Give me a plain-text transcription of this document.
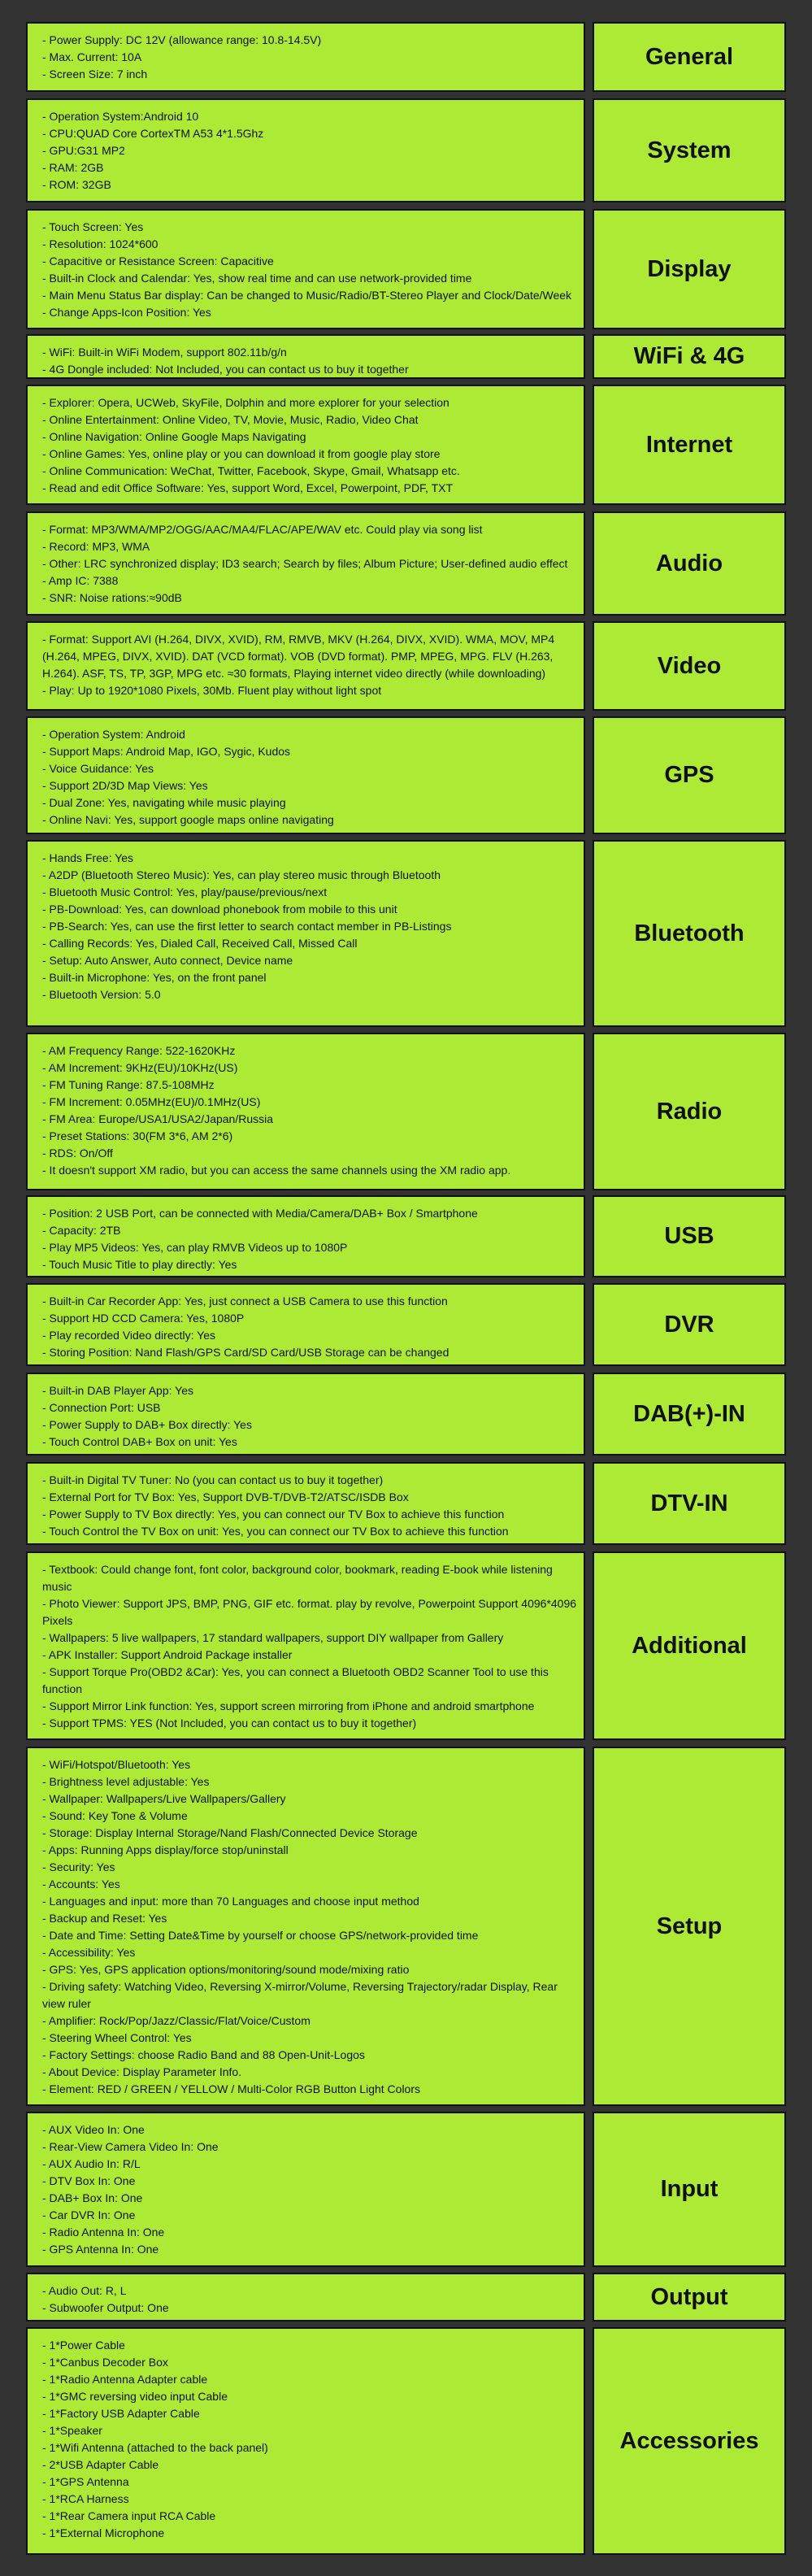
- Power Supply: DC 12V (allowance range: 10.8-14.5V)
- Max. Current: 10A
- Screen Size: 7 inch
General
- Operation System:Android 10
- CPU:QUAD Core CortexTM A53 4*1.5Ghz
- GPU:G31 MP2
- RAM: 2GB
- ROM: 32GB
System
- Touch Screen: Yes
- Resolution: 1024*600
- Capacitive or Resistance Screen: Capacitive
- Built-in Clock and Calendar: Yes, show real time and can use network-provided time
- Main Menu Status Bar display: Can be changed to Music/Radio/BT-Stereo Player and Clock/Date/Week
- Change Apps-Icon Position: Yes
Display
- WiFi: Built-in WiFi Modem, support 802.11b/g/n
- 4G Dongle included: Not Included, you can contact us to buy it together	WiFi & 4G
- Explorer: Opera, UCWeb, SkyFile, Dolphin and more explorer for your selection
- Online Entertainment: Online Video, TV, Movie, Music, Radio, Video Chat
- Online Navigation: Online Google Maps Navigating
- Online Games: Yes, online play or you can download it from google play store
- Online Communication: WeChat, Twitter, Facebook, Skype, Gmail, Whatsapp etc.
- Read and edit Office Software: Yes, support Word, Excel, Powerpoint, PDF, TXT
Internet
- Format: MP3/WMA/MP2/OGG/AAC/MA4/FLAC/APE/WAV etc. Could play via song list
- Record: MP3, WMA
- Other: LRC synchronized display; ID3 search; Search by files; Album Picture; User-defined audio effect
- Amp IC: 7388
- SNR: Noise rations:≈90dB
Audio
- Format: Support AVI (H.264, DIVX, XVID), RM, RMVB, MKV (H.264, DIVX, XVID). WMA, MOV, MP4 (H.264, MPEG, DIVX, XVID). DAT (VCD format). VOB (DVD format). PMP, MPEG, MPG. FLV (H.263, H.264). ASF, TS, TP, 3GP, MPG etc. ≈30 formats, Playing internet video directly (while downloading)
- Play: Up to 1920*1080 Pixels, 30Mb. Fluent play without light spot
Video
- Operation System: Android
- Support Maps: Android Map, IGO, Sygic, Kudos
- Voice Guidance: Yes
- Support 2D/3D Map Views: Yes
- Dual Zone: Yes, navigating while music playing
- Online Navi: Yes, support google maps online navigating
GPS
- Hands Free: Yes
- A2DP (Bluetooth Stereo Music): Yes, can play stereo music through Bluetooth
- Bluetooth Music Control: Yes, play/pause/previous/next
- PB-Download: Yes, can download phonebook from mobile to this unit
- PB-Search: Yes, can use the first letter to search contact member in PB-Listings
- Calling Records: Yes, Dialed Call, Received Call, Missed Call
- Setup: Auto Answer, Auto connect, Device name
- Built-in Microphone: Yes, on the front panel
- Bluetooth Version: 5.0
Bluetooth
- AM Frequency Range: 522-1620KHz
- AM Increment: 9KHz(EU)/10KHz(US)
- FM Tuning Range: 87.5-108MHz
- FM Increment: 0.05MHz(EU)/0.1MHz(US)
- FM Area: Europe/USA1/USA2/Japan/Russia
- Preset Stations: 30(FM 3*6, AM 2*6)
- RDS: On/Off
- It doesn't support XM radio, but you can access the same channels using the XM radio app.
Radio
- Position: 2 USB Port, can be connected with Media/Camera/DAB+ Box / Smartphone
- Capacity: 2TB
- Play MP5 Videos: Yes, can play RMVB Videos up to 1080P
- Touch Music Title to play directly: Yes
USB
- Built-in Car Recorder App: Yes, just connect a USB Camera to use this function
- Support HD CCD Camera: Yes, 1080P
- Play recorded Video directly: Yes
- Storing Position: Nand Flash/GPS Card/SD Card/USB Storage can be changed
DVR
- Built-in DAB Player App: Yes
- Connection Port: USB
- Power Supply to DAB+ Box directly: Yes
- Touch Control DAB+ Box on unit: Yes
DAB(+)-IN
- Built-in Digital TV Tuner: No (you can contact us to buy it together)
- External Port for TV Box: Yes, Support DVB-T/DVB-T2/ATSC/ISDB Box
- Power Supply to TV Box directly: Yes, you can connect our TV Box to achieve this function
- Touch Control the TV Box on unit: Yes, you can connect our TV Box to achieve this function
DTV-IN
- Textbook: Could change font, font color, background color, bookmark, reading E-book while listening music
- Photo Viewer: Support JPS, BMP, PNG, GIF etc. format. play by revolve, Powerpoint Support 4096*4096 Pixels
- Wallpapers: 5 live wallpapers, 17 standard wallpapers, support DIY wallpaper from Gallery
- APK Installer: Support Android Package installer
- Support Torque Pro(OBD2 &Car): Yes, you can connect a Bluetooth OBD2 Scanner Tool to use this function
- Support Mirror Link function: Yes, support screen mirroring from iPhone and android smartphone
- Support TPMS: YES (Not Included, you can contact us to buy it together)
Additional
- WiFi/Hotspot/Bluetooth: Yes
- Brightness level adjustable: Yes
- Wallpaper: Wallpapers/Live Wallpapers/Gallery
- Sound: Key Tone & Volume
- Storage: Display Internal Storage/Nand Flash/Connected Device Storage
- Apps: Running Apps display/force stop/uninstall
- Security: Yes
- Accounts: Yes
- Languages and input: more than 70 Languages and choose input method
- Backup and Reset: Yes
- Date and Time: Setting Date&Time by yourself or choose GPS/network-provided time
- Accessibility: Yes
- GPS: Yes, GPS application options/monitoring/sound mode/mixing ratio
- Driving safety: Watching Video, Reversing X-mirror/Volume, Reversing Trajectory/radar Display, Rear view ruler
- Amplifier: Rock/Pop/Jazz/Classic/Flat/Voice/Custom
- Steering Wheel Control: Yes
- Factory Settings: choose Radio Band and 88 Open-Unit-Logos
- About Device: Display Parameter Info.
- Element: RED / GREEN / YELLOW / Multi-Color RGB Button Light Colors
Setup
- AUX Video In: One
- Rear-View Camera Video In: One
- AUX Audio In: R/L
- DTV Box In: One
- DAB+ Box In: One
- Car DVR In: One
- Radio Antenna In: One
- GPS Antenna In: One
Input
- Audio Out: R, L
- Subwoofer Output: One	Output
- 1*Power Cable
- 1*Canbus Decoder Box
- 1*Radio Antenna Adapter cable
- 1*GMC reversing video input Cable
- 1*Factory USB Adapter Cable
- 1*Speaker
- 1*Wifi Antenna (attached to the back panel)
- 2*USB Adapter Cable
- 1*GPS Antenna
- 1*RCA Harness
- 1*Rear Camera input RCA Cable
- 1*External Microphone
Accessories
